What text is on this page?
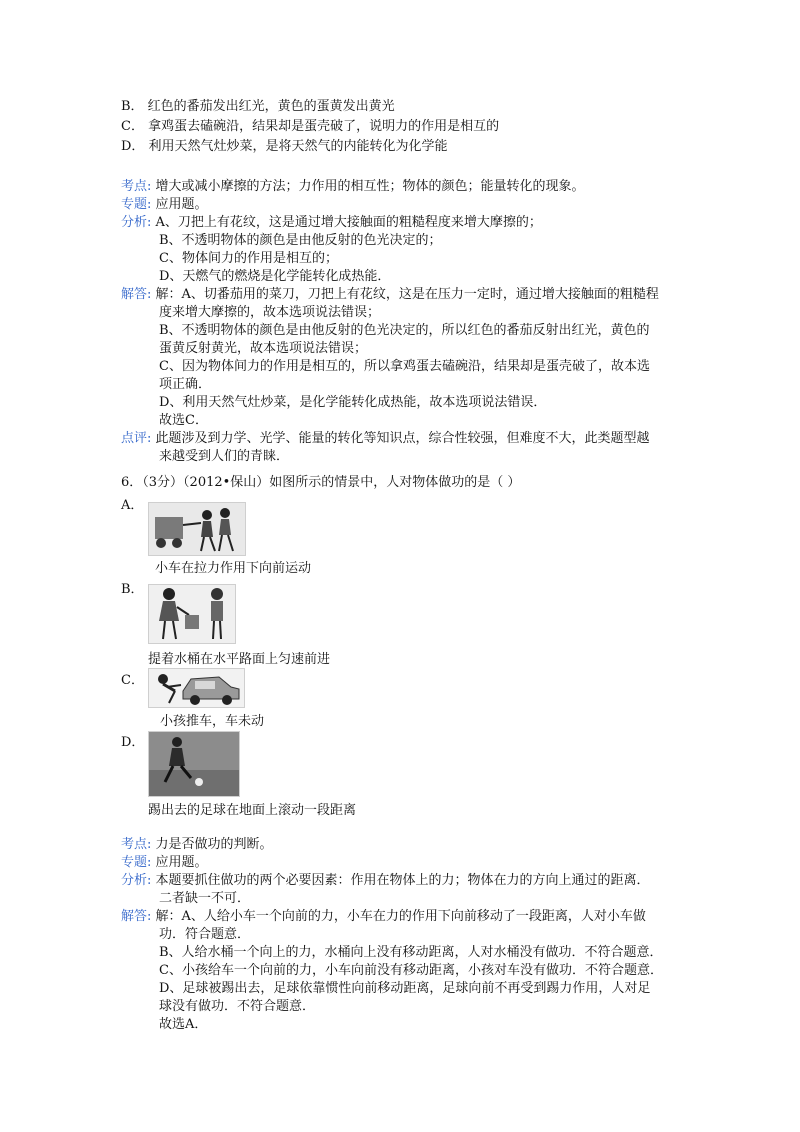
B． 红色的番茄发出红光，黄色的蛋黄发出黄光
C． 拿鸡蛋去磕碗沿，结果却是蛋壳破了，说明力的作用是相互的
D． 利用天然气灶炒菜，是将天然气的内能转化为化学能
考点: 增大或减小摩擦的方法；力作用的相互性；物体的颜色；能量转化的现象。
专题: 应用题。
分析: A、刀把上有花纹，这是通过增大接触面的粗糙程度来增大摩擦的；
B、不透明物体的颜色是由他反射的色光决定的；
C、物体间力的作用是相互的；
D、天燃气的燃烧是化学能转化成热能．
解答: 解：A、切番茄用的菜刀，刀把上有花纹，这是在压力一定时，通过增大接触面的粗糙程
度来增大摩擦的，故本选项说法错误；
B、不透明物体的颜色是由他反射的色光决定的，所以红色的番茄反射出红光，黄色的
蛋黄反射黄光，故本选项说法错误；
C、因为物体间力的作用是相互的，所以拿鸡蛋去磕碗沿，结果却是蛋壳破了，故本选
项正确．
D、利用天然气灶炒菜，是化学能转化成热能，故本选项说法错误．
故选C．
点评: 此题涉及到力学、光学、能量的转化等知识点，综合性较强，但难度不大，此类题型越
来越受到人们的青睐．
6．（3分）（2012•保山）如图所示的情景中，人对物体做功的是（ ）
A．
小车在拉力作用下向前运动
B．
提着水桶在水平路面上匀速前进
C．
小孩推车，车未动
D．
踢出去的足球在地面上滚动一段距离
考点: 力是否做功的判断。
专题: 应用题。
分析: 本题要抓住做功的两个必要因素：作用在物体上的力；物体在力的方向上通过的距离．
二者缺一不可．
解答: 解：A、人给小车一个向前的力，小车在力的作用下向前移动了一段距离，人对小车做
功．符合题意．
B、人给水桶一个向上的力，水桶向上没有移动距离，人对水桶没有做功．不符合题意．
C、小孩给车一个向前的力，小车向前没有移动距离，小孩对车没有做功．不符合题意．
D、足球被踢出去，足球依靠惯性向前移动距离，足球向前不再受到踢力作用，人对足
球没有做功．不符合题意．
故选A．
